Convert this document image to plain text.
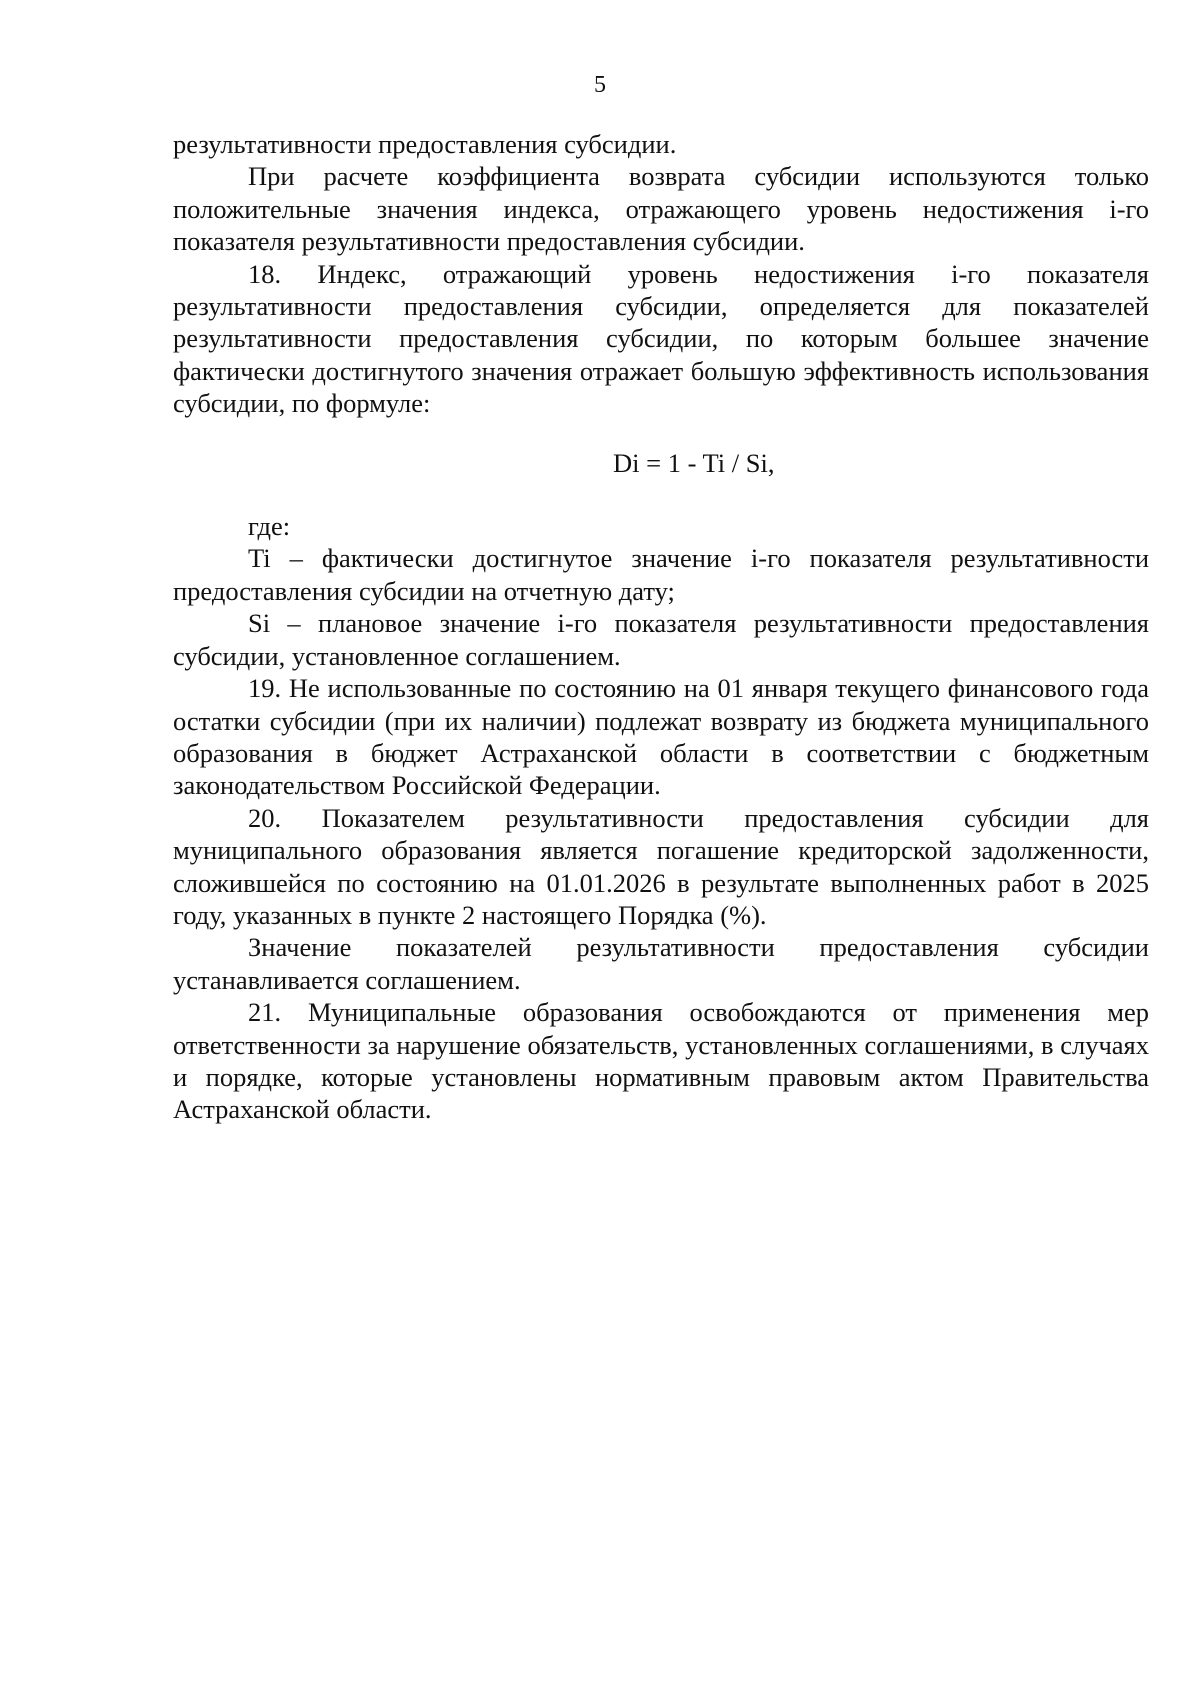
5

результативности предоставления субсидии.

При расчете коэффициента возврата субсидии используются только положительные значения индекса, отражающего уровень недостижения i-го показателя результативности предоставления субсидии.

18. Индекс, отражающий уровень недостижения i-го показателя результативности предоставления субсидии, определяется для показателей результативности предоставления субсидии, по которым большее значение фактически достигнутого значения отражает большую эффективность использования субсидии, по формуле:

Di = 1 - Ti / Si,

где:

Ti – фактически достигнутое значение i-го показателя результативности предоставления субсидии на отчетную дату;

Si – плановое значение i-го показателя результативности предоставления субсидии, установленное соглашением.

19. Не использованные по состоянию на 01 января текущего финансового года остатки субсидии (при их наличии) подлежат возврату из бюджета муниципального образования в бюджет Астраханской области в соответствии с бюджетным законодательством Российской Федерации.

20. Показателем результативности предоставления субсидии для муниципального образования является погашение кредиторской задолженности, сложившейся по состоянию на 01.01.2026 в результате выполненных работ в 2025 году, указанных в пункте 2 настоящего Порядка (%).

Значение показателей результативности предоставления субсидии устанавливается соглашением.

21. Муниципальные образования освобождаются от применения мер ответственности за нарушение обязательств, установленных соглашениями, в случаях и порядке, которые установлены нормативным правовым актом Правительства Астраханской области.
